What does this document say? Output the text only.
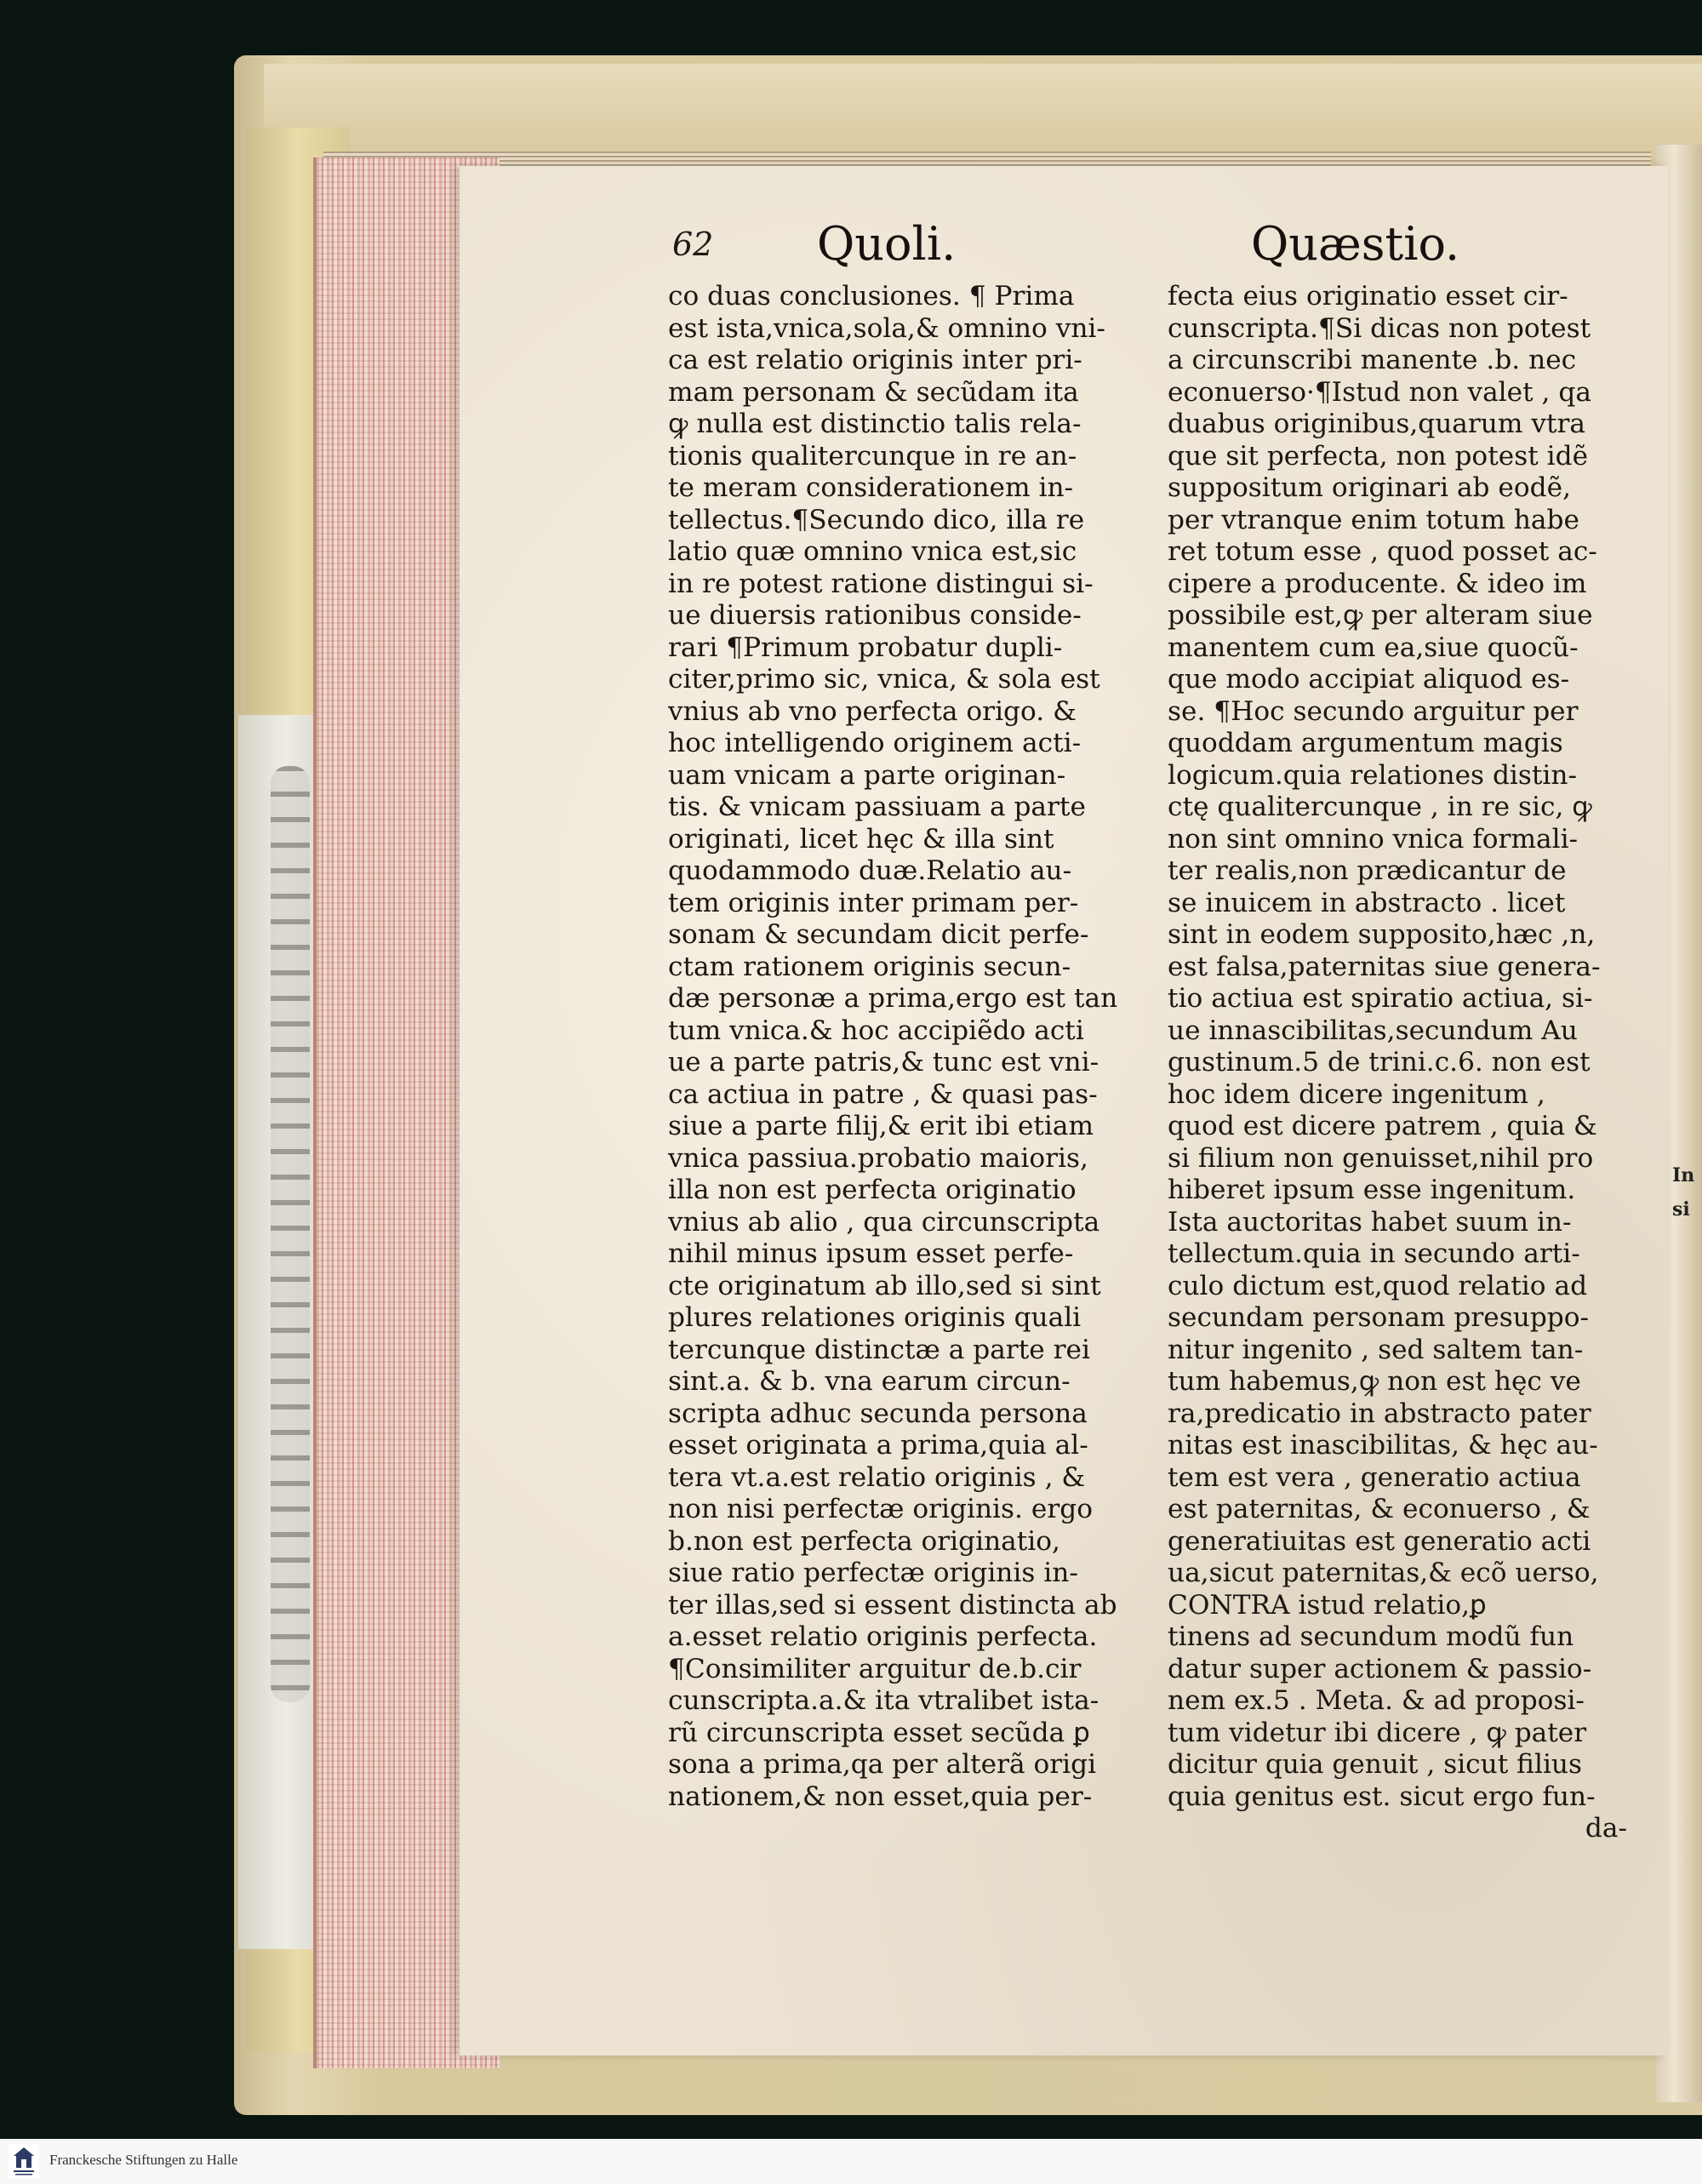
In
si
62 Quoli.	Quæstio.
co duas conclusiones. ¶ Prima
est ista,vnica,sola,& omnino vni-
ca est relatio originis inter pri-
mam personam & secũdam ita
ꝙ nulla est distinctio talis rela-
tionis qualitercunque in re an-
te meram considerationem in-
tellectus.¶Secundo dico, illa re
latio quæ omnino vnica est,sic
in re potest ratione distingui si-
ue diuersis rationibus conside-
rari ¶Primum probatur dupli-
citer,primo sic, vnica, & sola est
vnius ab vno perfecta origo. &
hoc intelligendo originem acti-
uam vnicam a parte originan-
tis. & vnicam passiuam a parte
originati, licet hęc & illa sint
quodammodo duæ.Relatio au-
tem originis inter primam per-
sonam & secundam dicit perfe-
ctam rationem originis secun-
dæ personæ a prima,ergo est tan
tum vnica.& hoc accipiẽdo acti
ue a parte patris,& tunc est vni-
ca actiua in patre , & quasi pas-
siue a parte filij,& erit ibi etiam
vnica passiua.probatio maioris,
illa non est perfecta originatio
vnius ab alio , qua circunscripta
nihil minus ipsum esset perfe-
cte originatum ab illo,sed si sint
plures relationes originis quali
tercunque distinctæ a parte rei
sint.a. & b. vna earum circun-
scripta adhuc secunda persona
esset originata a prima,quia al-
tera vt.a.est relatio originis , &
non nisi perfectæ originis. ergo
b.non est perfecta originatio,
siue ratio perfectæ originis in-
ter illas,sed si essent distincta ab
a.esset relatio originis perfecta.
¶Consimiliter arguitur de.b.cir
cunscripta.a.& ita vtralibet ista-
rũ circunscripta esset secũda ꝑ
sona a prima,qa per alterã origi
nationem,& non esset,quia per-
fecta eius originatio esset cir-
cunscripta.¶Si dicas non potest
a circunscribi manente .b. nec
econuerso·¶Istud non valet , qa
duabus originibus,quarum vtra
que sit perfecta, non potest idẽ
suppositum originari ab eodẽ,
per vtranque enim totum habe
ret totum esse , quod posset ac-
cipere a producente. & ideo im
possibile est,ꝙ per alteram siue
manentem cum ea,siue quocũ-
que modo accipiat aliquod es-
se. ¶Hoc secundo arguitur per
quoddam argumentum magis
logicum.quia relationes distin-
ctę qualitercunque , in re sic, ꝙ
non sint omnino vnica formali-
ter realis,non prædicantur de
se inuicem in abstracto . licet
sint in eodem supposito,hæc ,n,
est falsa,paternitas siue genera-
tio actiua est spiratio actiua, si-
ue innascibilitas,secundum Au
gustinum.5 de trini.c.6. non est
hoc idem dicere ingenitum ,
quod est dicere patrem , quia &
si filium non genuisset,nihil pro
hiberet ipsum esse ingenitum.
Ista auctoritas habet suum in-
tellectum.quia in secundo arti-
culo dictum est,quod relatio ad
secundam personam presuppo-
nitur ingenito , sed saltem tan-
tum habemus,ꝙ non est hęc ve
ra,predicatio in abstracto pater
nitas est inascibilitas, & hęc au-
tem est vera , generatio actiua
est paternitas, & econuerso , &
generatiuitas est generatio acti
ua,sicut paternitas,& ecõ uerso,
CONTRA istud relatio,ꝑ
tinens ad secundum modũ fun
datur super actionem & passio-
nem ex.5 . Meta. & ad proposi-
tum videtur ibi dicere , ꝙ pater
dicitur quia genuit , sicut filius
quia genitus est. sicut ergo fun-
da-
Franckesche Stiftungen zu Halle
